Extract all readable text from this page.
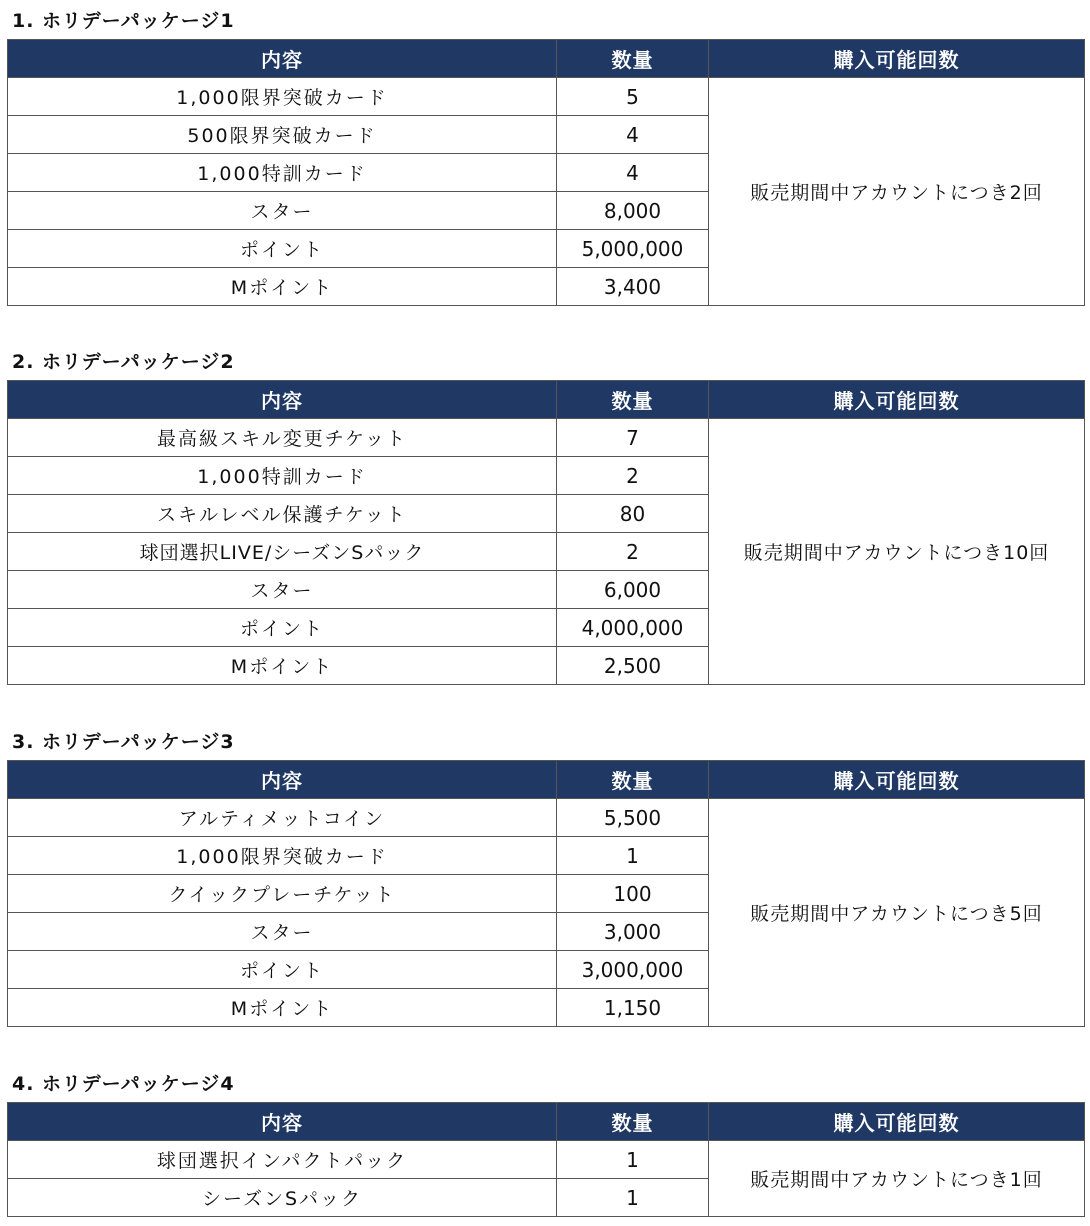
1. ホリデーパッケージ1
内容	数量	購入可能回数
1,000限界突破カード	5	販売期間中アカウントにつき2回
500限界突破カード	4	
1,000特訓カード	4	
スター	8,000	
ポイント	5,000,000	
Mポイント	3,400	
2. ホリデーパッケージ2
内容	数量	購入可能回数
最高級スキル変更チケット	7	販売期間中アカウントにつき10回
1,000特訓カード	2	
スキルレベル保護チケット	80	
球団選択LIVE/シーズンSパック	2	
スター	6,000	
ポイント	4,000,000	
Mポイント	2,500	
3. ホリデーパッケージ3
内容	数量	購入可能回数
アルティメットコイン	5,500	販売期間中アカウントにつき5回
1,000限界突破カード	1	
クイックプレーチケット	100	
スター	3,000	
ポイント	3,000,000	
Mポイント	1,150	
4. ホリデーパッケージ4
内容	数量	購入可能回数
球団選択インパクトパック	1	販売期間中アカウントにつき1回
シーズンSパック	1	
